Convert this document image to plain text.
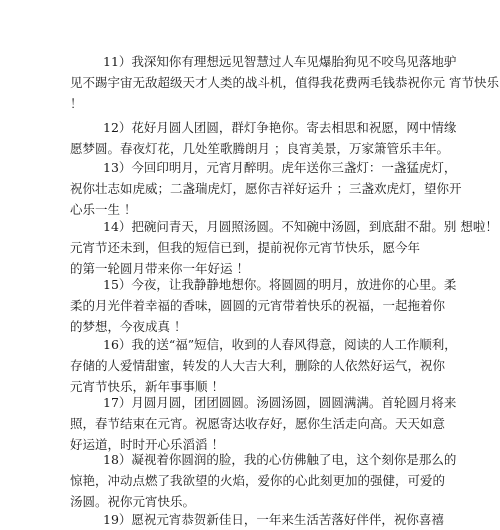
11）我深知你有理想远见智慧过人车见爆胎狗见不咬鸟见落地驴
见不踢宇宙无敌超级天才人类的战斗机，值得我花费两毛钱恭祝你元 宵节快乐
！
12）花好月圆人团圆，群灯争艳你。寄去相思和祝愿，网中情缘
愿梦圆。春夜灯花，几处笙歌腾朗月 ；良宵美景，万家箫管乐丰年。
13）今回印明月，元宵月醉明。虎年送你三盏灯：一盏猛虎灯，
祝你壮志如虎威；二盏瑞虎灯，愿你吉祥好运升 ；三盏欢虎灯，望你开
心乐一生 ！
14）把碗问青天，月圆照汤圆。不知碗中汤圆，到底甜不甜。别 想啦！
元宵节还未到，但我的短信已到，提前祝你元宵节快乐，愿今年
的第一轮圆月带来你一年好运 ！
15）今夜，让我静静地想你。将圆圆的明月，放进你的心里。柔
柔的月光伴着幸福的香味，圆圆的元宵带着快乐的祝福，一起拖着你
的梦想，今夜成真 ！
16）我的送“福”短信，收到的人春风得意，阅读的人工作顺利，
存储的人爱情甜蜜，转发的人大吉大利，删除的人依然好运气，祝你
元宵节快乐，新年事事顺 ！
17）月圆月圆，团团圆圆。汤圆汤圆，圆圆满满。首轮圆月将来
照，春节结束在元宵。祝愿寄达收存好，愿你生活走向高。天天如意
好运道，时时开心乐滔滔 ！
18）凝视着你圆润的脸，我的心仿佛触了电，这个刻你是那么的
惊艳，冲动点燃了我欲望的火焰，爱你的心此刻更加的强健，可爱的
汤圆。祝你元宵快乐。
19）愿祝元宵恭贺新佳日，一年来生活苦落好伴伴，祝你喜禧
